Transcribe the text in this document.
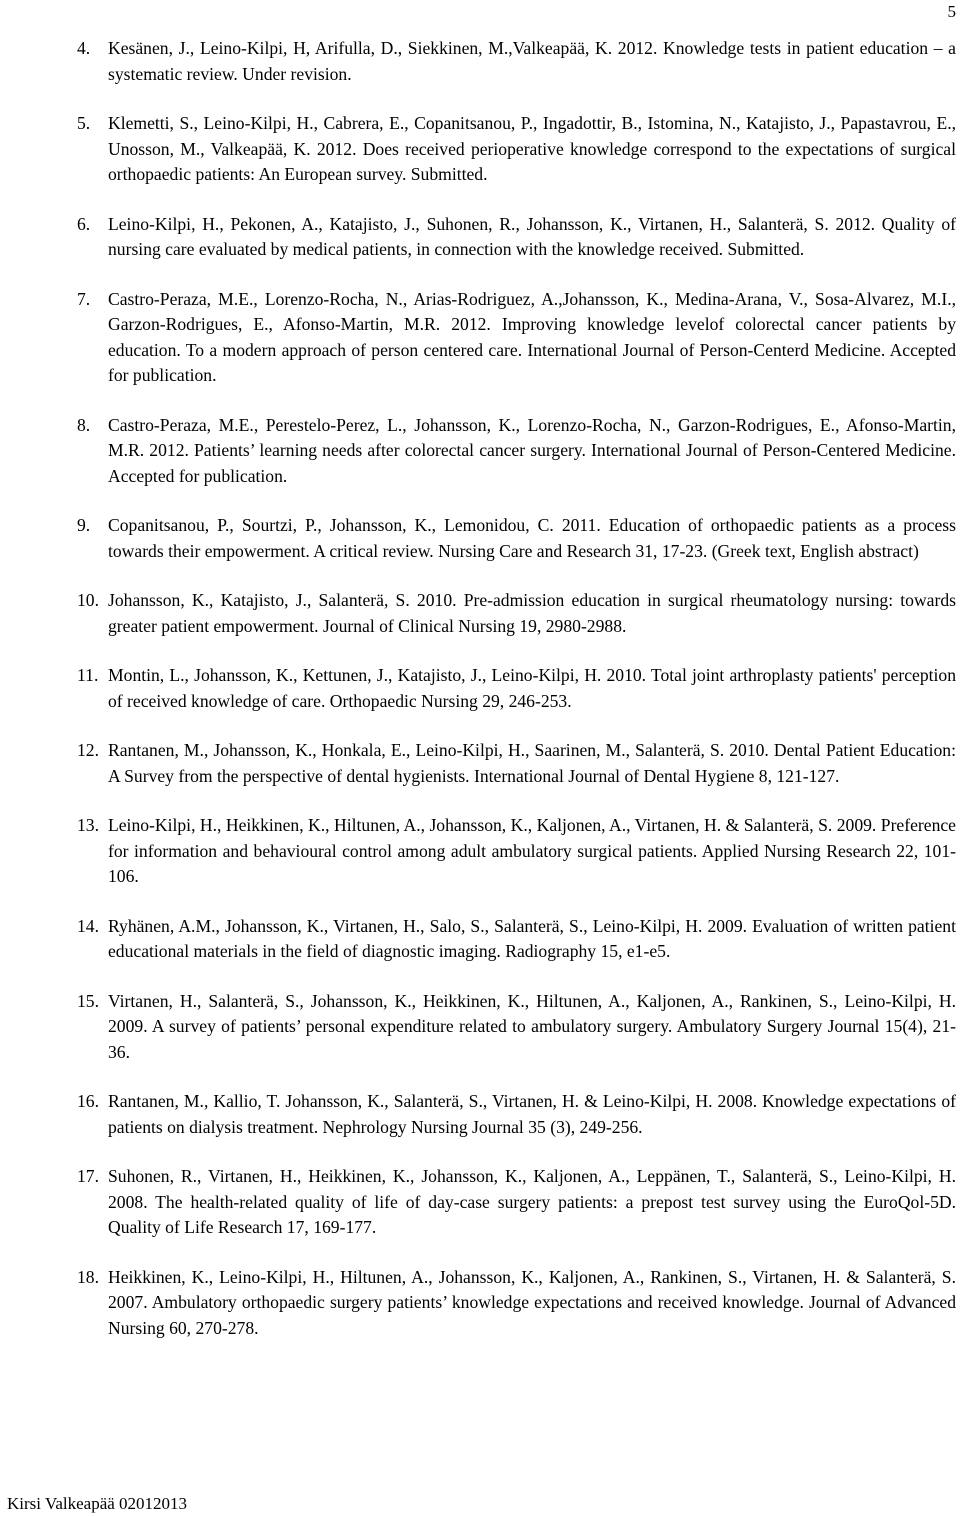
5
4. Kesänen, J., Leino-Kilpi, H, Arifulla, D., Siekkinen, M.,Valkeapää, K. 2012. Knowledge tests in patient education – a systematic review. Under revision.
5. Klemetti, S., Leino-Kilpi, H., Cabrera, E., Copanitsanou, P., Ingadottir, B., Istomina, N., Katajisto, J., Papastavrou, E., Unosson, M., Valkeapää, K. 2012. Does received perioperative knowledge correspond to the expectations of surgical orthopaedic patients: An European survey. Submitted.
6. Leino-Kilpi, H., Pekonen, A., Katajisto, J., Suhonen, R., Johansson, K., Virtanen, H., Salanterä, S. 2012. Quality of nursing care evaluated by medical patients, in connection with the knowledge received. Submitted.
7. Castro-Peraza, M.E., Lorenzo-Rocha, N., Arias-Rodriguez, A.,Johansson, K., Medina-Arana, V., Sosa-Alvarez, M.I., Garzon-Rodrigues, E., Afonso-Martin, M.R. 2012. Improving knowledge levelof colorectal cancer patients by education. To a modern approach of person centered care. International Journal of Person-Centerd Medicine. Accepted for publication.
8. Castro-Peraza, M.E., Perestelo-Perez, L., Johansson, K., Lorenzo-Rocha, N., Garzon-Rodrigues, E., Afonso-Martin, M.R. 2012. Patients’ learning needs after colorectal cancer surgery. International Journal of Person-Centered Medicine. Accepted for publication.
9. Copanitsanou, P., Sourtzi, P., Johansson, K., Lemonidou, C. 2011. Education of orthopaedic patients as a process towards their empowerment. A critical review. Nursing Care and Research 31, 17-23. (Greek text, English abstract)
10. Johansson, K., Katajisto, J., Salanterä, S. 2010. Pre-admission education in surgical rheumatology nursing: towards greater patient empowerment. Journal of Clinical Nursing 19, 2980-2988.
11. Montin, L., Johansson, K., Kettunen, J., Katajisto, J., Leino-Kilpi, H. 2010. Total joint arthroplasty patients' perception of received knowledge of care. Orthopaedic Nursing 29, 246-253.
12. Rantanen, M., Johansson, K., Honkala, E., Leino-Kilpi, H., Saarinen, M., Salanterä, S. 2010. Dental Patient Education: A Survey from the perspective of dental hygienists. International Journal of Dental Hygiene 8, 121-127.
13. Leino-Kilpi, H., Heikkinen, K., Hiltunen, A., Johansson, K., Kaljonen, A., Virtanen, H. & Salanterä, S. 2009. Preference for information and behavioural control among adult ambulatory surgical patients. Applied Nursing Research 22, 101-106.
14. Ryhänen, A.M., Johansson, K., Virtanen, H., Salo, S., Salanterä, S., Leino-Kilpi, H. 2009. Evaluation of written patient educational materials in the field of diagnostic imaging. Radiography 15, e1-e5.
15. Virtanen, H., Salanterä, S., Johansson, K., Heikkinen, K., Hiltunen, A., Kaljonen, A., Rankinen, S., Leino-Kilpi, H. 2009. A survey of patients’ personal expenditure related to ambulatory surgery. Ambulatory Surgery Journal 15(4), 21-36.
16. Rantanen, M., Kallio, T. Johansson, K., Salanterä, S., Virtanen, H. & Leino-Kilpi, H. 2008. Knowledge expectations of patients on dialysis treatment. Nephrology Nursing Journal 35 (3), 249-256.
17. Suhonen, R., Virtanen, H., Heikkinen, K., Johansson, K., Kaljonen, A., Leppänen, T., Salanterä, S., Leino-Kilpi, H. 2008. The health-related quality of life of day-case surgery patients: a prepost test survey using the EuroQol-5D. Quality of Life Research 17, 169-177.
18. Heikkinen, K., Leino-Kilpi, H., Hiltunen, A., Johansson, K., Kaljonen, A., Rankinen, S., Virtanen, H. & Salanterä, S. 2007. Ambulatory orthopaedic surgery patients’ knowledge expectations and received knowledge. Journal of Advanced Nursing 60, 270-278.
Kirsi Valkeapää 02012013
